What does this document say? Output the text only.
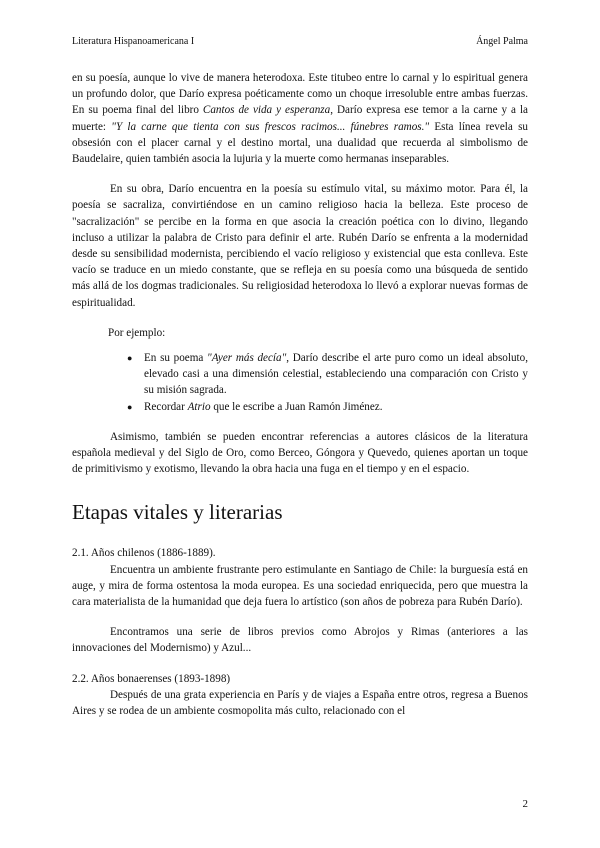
Literatura Hispanoamericana I	Ángel Palma

en su poesía, aunque lo vive de manera heterodoxa. Este titubeo entre lo carnal y lo espiritual genera un profundo dolor, que Darío expresa poéticamente como un choque irresoluble entre ambas fuerzas. En su poema final del libro Cantos de vida y esperanza, Darío expresa ese temor a la carne y a la muerte: "Y la carne que tienta con sus frescos racimos... fúnebres ramos." Esta línea revela su obsesión con el placer carnal y el destino mortal, una dualidad que recuerda al simbolismo de Baudelaire, quien también asocia la lujuria y la muerte como hermanas inseparables.

En su obra, Darío encuentra en la poesía su estímulo vital, su máximo motor. Para él, la poesía se sacraliza, convirtiéndose en un camino religioso hacia la belleza. Este proceso de "sacralización" se percibe en la forma en que asocia la creación poética con lo divino, llegando incluso a utilizar la palabra de Cristo para definir el arte. Rubén Darío se enfrenta a la modernidad desde su sensibilidad modernista, percibiendo el vacío religioso y existencial que esta conlleva. Este vacío se traduce en un miedo constante, que se refleja en su poesía como una búsqueda de sentido más allá de los dogmas tradicionales. Su religiosidad heterodoxa lo llevó a explorar nuevas formas de espiritualidad.

Por ejemplo:

● En su poema "Ayer más decía", Darío describe el arte puro como un ideal absoluto, elevado casi a una dimensión celestial, estableciendo una comparación con Cristo y su misión sagrada.
● Recordar Atrio que le escribe a Juan Ramón Jiménez.

Asimismo, también se pueden encontrar referencias a autores clásicos de la literatura española medieval y del Siglo de Oro, como Berceo, Góngora y Quevedo, quienes aportan un toque de primitivismo y exotismo, llevando la obra hacia una fuga en el tiempo y en el espacio.

Etapas vitales y literarias

2.1. Años chilenos (1886-1889).

Encuentra un ambiente frustrante pero estimulante en Santiago de Chile: la burguesía está en auge, y mira de forma ostentosa la moda europea. Es una sociedad enriquecida, pero que muestra la cara materialista de la humanidad que deja fuera lo artístico (son años de pobreza para Rubén Darío).

Encontramos una serie de libros previos como Abrojos y Rimas (anteriores a las innovaciones del Modernismo) y Azul...

2.2. Años bonaerenses (1893-1898)

Después de una grata experiencia en París y de viajes a España entre otros, regresa a Buenos Aires y se rodea de un ambiente cosmopolita más culto, relacionado con el

2
